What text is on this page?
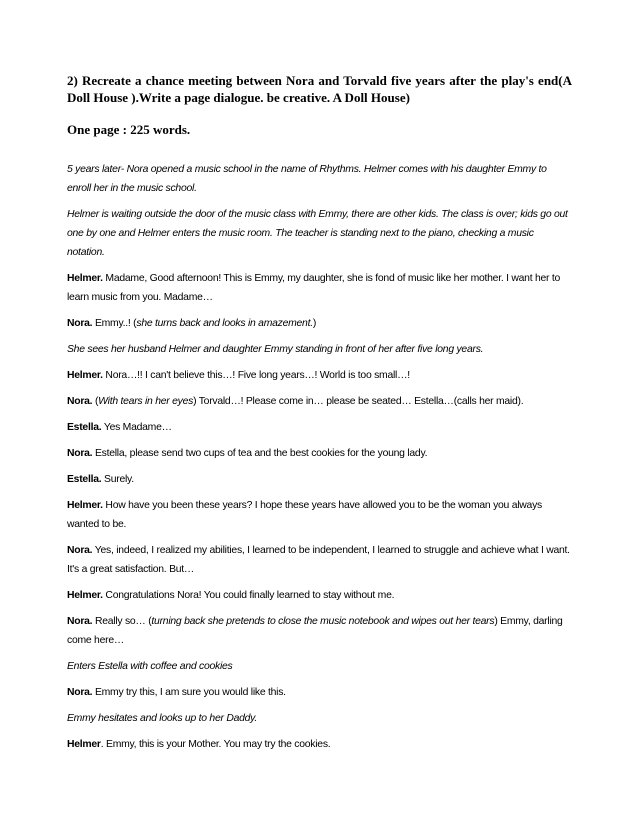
2) Recreate a chance meeting between Nora and Torvald five years after the play's end(A Doll House ).Write a page dialogue. be creative. A Doll House)

One page : 225 words.

5 years later- Nora opened a music school in the name of Rhythms. Helmer comes with his daughter Emmy to enroll her in the music school.

Helmer is waiting outside the door of the music class with Emmy, there are other kids. The class is over; kids go out one by one and Helmer enters the music room. The teacher is standing next to the piano, checking a music notation.

Helmer. Madame, Good afternoon! This is Emmy, my daughter, she is fond of music like her mother. I want her to learn music from you. Madame…

Nora. Emmy..! (she turns back and looks in amazement.)

She sees her husband Helmer and daughter Emmy standing in front of her after five long years.

Helmer. Nora…!! I can't believe this…! Five long years…! World is too small…!

Nora. (With tears in her eyes) Torvald…! Please come in… please be seated… Estella…(calls her maid).

Estella. Yes Madame…

Nora. Estella, please send two cups of tea and the best cookies for the young lady.

Estella. Surely.

Helmer. How have you been these years? I hope these years have allowed you to be the woman you always wanted to be.

Nora. Yes, indeed, I realized my abilities, I learned to be independent, I learned to struggle and achieve what I want. It's a great satisfaction. But…

Helmer. Congratulations Nora! You could finally learned to stay without me.

Nora. Really so… (turning back she pretends to close the music notebook and wipes out her tears) Emmy, darling come here…

Enters Estella with coffee and cookies

Nora. Emmy try this, I am sure you would like this.

Emmy hesitates and looks up to her Daddy.

Helmer. Emmy, this is your Mother. You may try the cookies.
